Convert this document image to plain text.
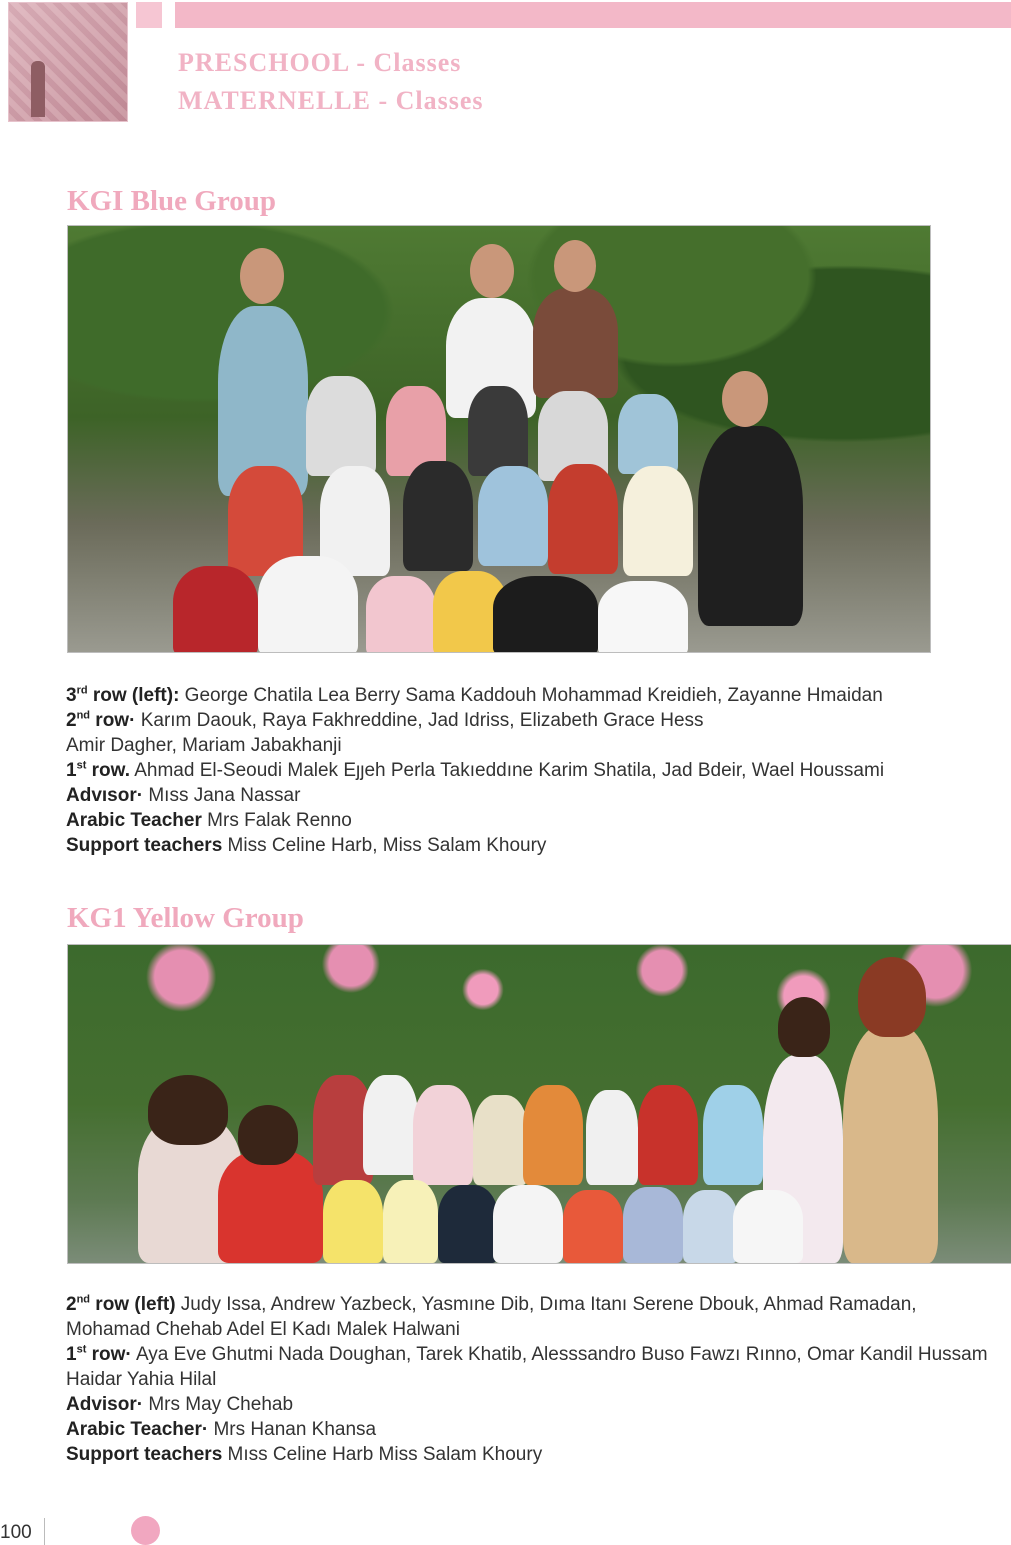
PRESCHOOL - Classes
MATERNELLE - Classes
KGI Blue Group
3rd row (left): George Chatila Lea Berry Sama Kaddouh Mohammad Kreidieh, Zayanne Hmaidan
2nd row· Karım Daouk, Raya Fakhreddine, Jad Idriss, Elizabeth Grace Hess
Amir Dagher, Mariam Jabakhanji
1st row. Ahmad El-Seoudi Malek Eȷȷeh Perla Takıeddıne Karim Shatila, Jad Bdeir, Wael Houssami
Advısor· Mıss Jana Nassar
Arabic Teacher Mrs Falak Renno
Support teachers Miss Celine Harb, Miss Salam Khoury
KG1 Yellow Group
2nd row (left) Judy Issa, Andrew Yazbeck, Yasmıne Dib, Dıma Itanı Serene Dbouk, Ahmad Ramadan, Mohamad Chehab Adel El Kadı Malek Halwani
1st row· Aya Eve Ghutmi Nada Doughan, Tarek Khatib, Alesssandro Buso Fawzı Rınno, Omar Kandil Hussam Haidar Yahia Hilal
Advisor· Mrs May Chehab
Arabic Teacher· Mrs Hanan Khansa
Support teachers Mıss Celine Harb Miss Salam Khoury
100
